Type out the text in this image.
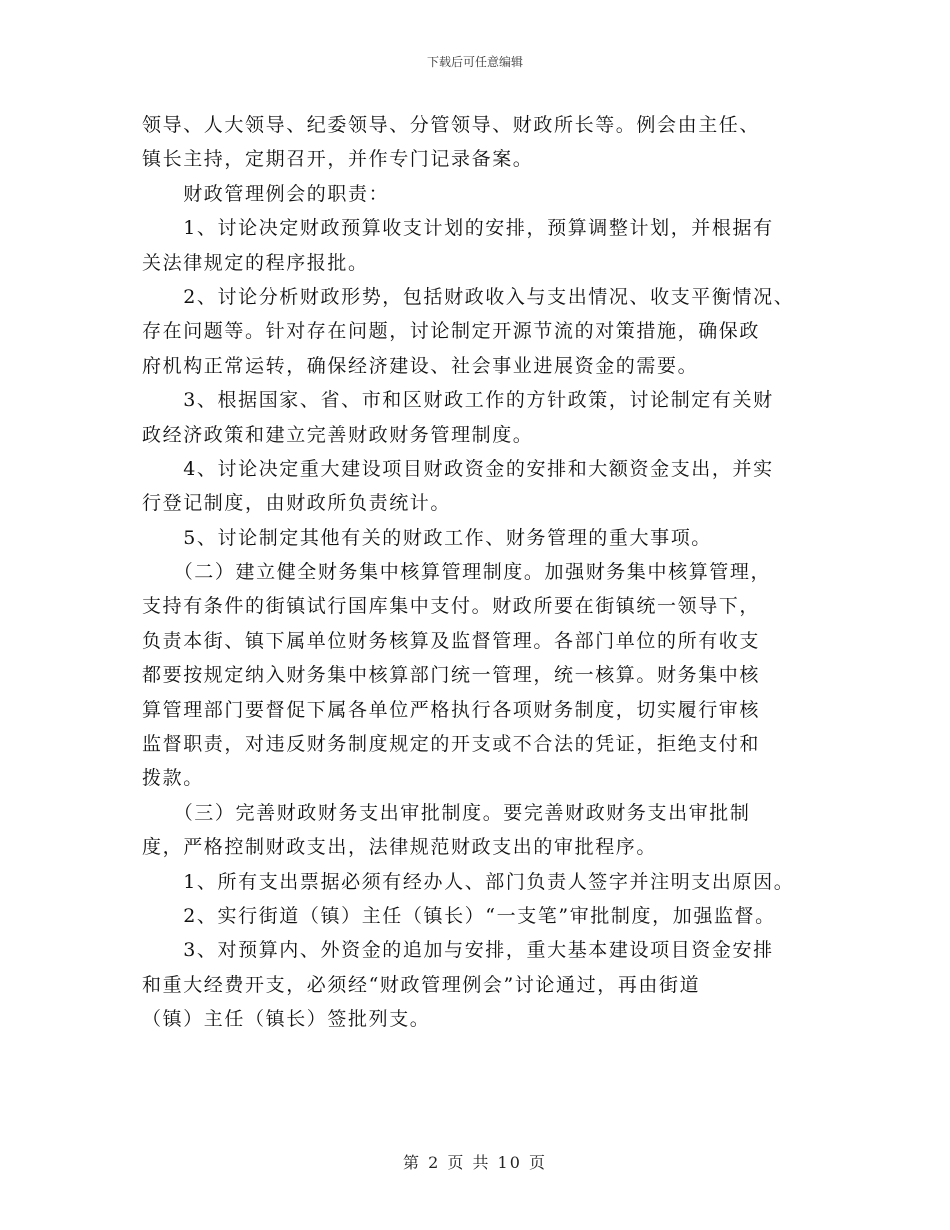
下载后可任意编辑
领导、人大领导、纪委领导、分管领导、财政所长等。例会由主任、
镇长主持，定期召开，并作专门记录备案。
　　财政管理例会的职责：
　　1、讨论决定财政预算收支计划的安排，预算调整计划，并根据有
关法律规定的程序报批。
　　2、讨论分析财政形势，包括财政收入与支出情况、收支平衡情况、
存在问题等。针对存在问题，讨论制定开源节流的对策措施，确保政
府机构正常运转，确保经济建设、社会事业进展资金的需要。
　　3、根据国家、省、市和区财政工作的方针政策，讨论制定有关财
政经济政策和建立完善财政财务管理制度。
　　4、讨论决定重大建设项目财政资金的安排和大额资金支出，并实
行登记制度，由财政所负责统计。
　　5、讨论制定其他有关的财政工作、财务管理的重大事项。
　　（二）建立健全财务集中核算管理制度。加强财务集中核算管理，
支持有条件的街镇试行国库集中支付。财政所要在街镇统一领导下，
负责本街、镇下属单位财务核算及监督管理。各部门单位的所有收支
都要按规定纳入财务集中核算部门统一管理，统一核算。财务集中核
算管理部门要督促下属各单位严格执行各项财务制度，切实履行审核
监督职责，对违反财务制度规定的开支或不合法的凭证，拒绝支付和
拨款。
　　（三）完善财政财务支出审批制度。要完善财政财务支出审批制
度，严格控制财政支出，法律规范财政支出的审批程序。
　　1、所有支出票据必须有经办人、部门负责人签字并注明支出原因。
　　2、实行街道（镇）主任（镇长）“一支笔”审批制度，加强监督。
　　3、对预算内、外资金的追加与安排，重大基本建设项目资金安排
和重大经费开支，必须经“财政管理例会”讨论通过，再由街道
（镇）主任（镇长）签批列支。
第 2 页 共 10 页
